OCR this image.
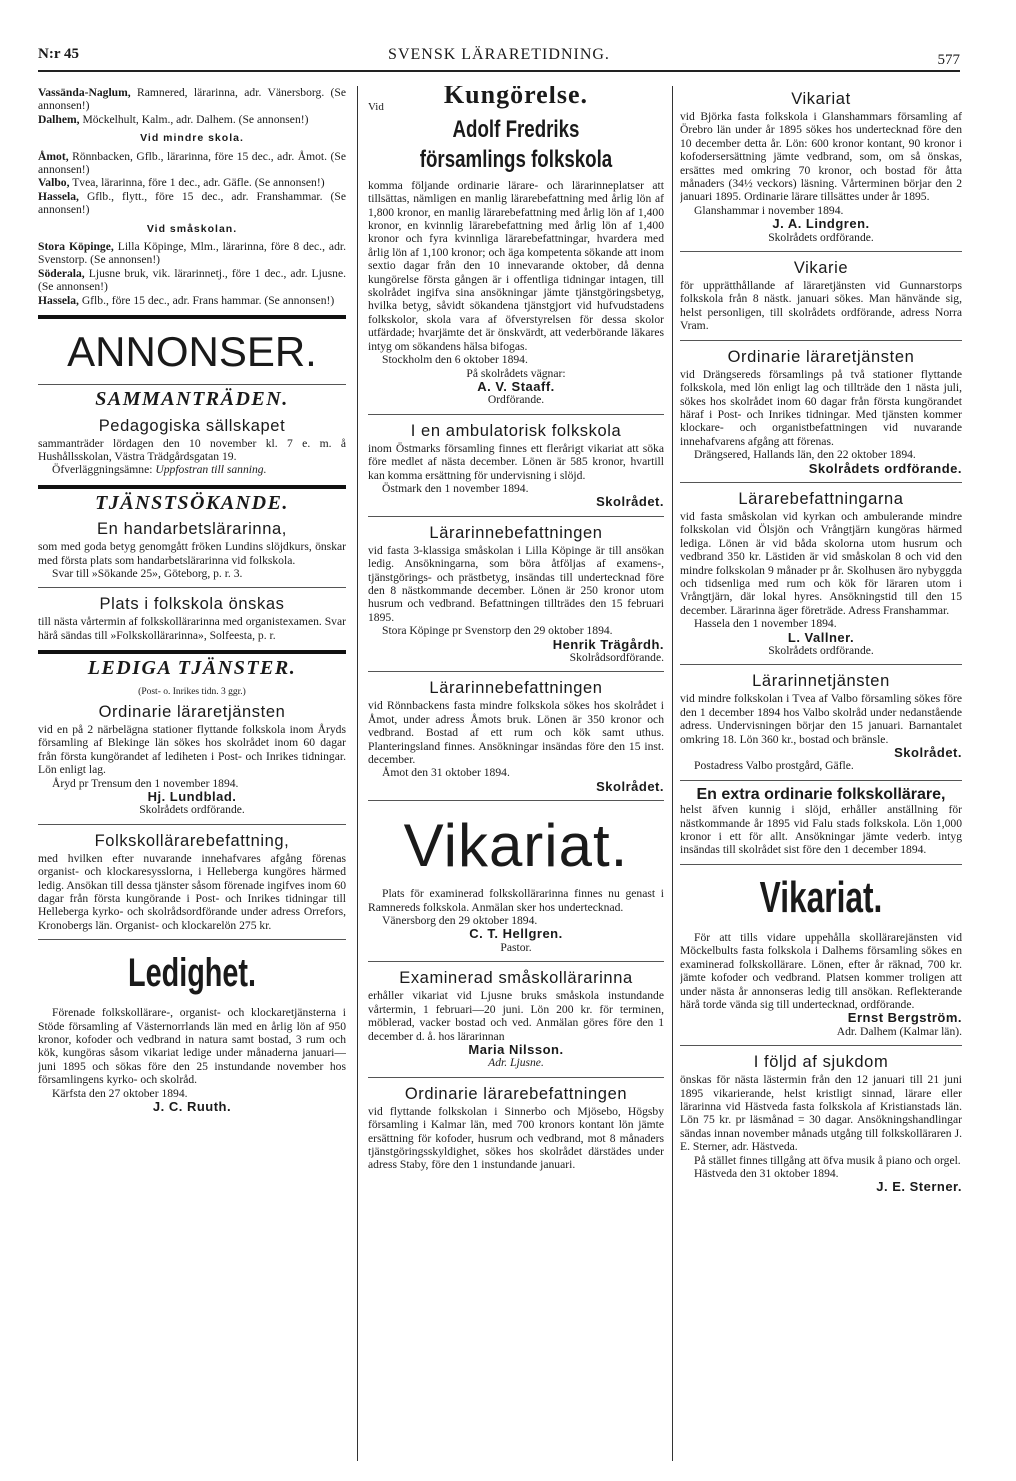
N:r 45	SVENSK LÄRARETIDNING.	577

Vassända-Naglum, Ramnered, lärarinna, adr. Vänersborg. (Se annonsen!)

Dalhem, Möckelhult, Kalm., adr. Dalhem. (Se annonsen!)

Vid mindre skola.

Åmot, Rönnbacken, Gflb., lärarinna, före 15 dec., adr. Åmot. (Se annonsen!)

Valbo, Tvea, lärarinna, före 1 dec., adr. Gäfle. (Se annonsen!)

Hassela, Gflb., flytt., före 15 dec., adr. Franshammar. (Se annonsen!)

Vid småskolan.

Stora Köpinge, Lilla Köpinge, Mlm., lärarinna, före 8 dec., adr. Svenstorp. (Se annonsen!)

Söderala, Ljusne bruk, vik. lärarinnetj., före 1 dec., adr. Ljusne. (Se annonsen!)

Hassela, Gflb., före 15 dec., adr. Frans hammar. (Se annonsen!)

ANNONSER.
SAMMANTRÄDEN.
Pedagogiska sällskapet

sammanträder lördagen den 10 november kl. 7 e. m. å Hushållsskolan, Västra Trädgårdsgatan 19.

Öfverläggningsämne: Uppfostran till sanning.

TJÄNSTSÖKANDE.
En handarbetslärarinna,

som med goda betyg genomgått fröken Lundins slöjdkurs, önskar med första plats som handarbetslärarinna vid folkskola.

Svar till »Sökande 25», Göteborg, p. r. 3.

Plats i folkskola önskas

till nästa vårtermin af folkskollärarinna med organistexamen. Svar härå sändas till »Folkskollärarinna», Solfeesta, p. r.

LEDIGA TJÄNSTER.
(Post- o. Inrikes tidn. 3 ggr.)
Ordinarie läraretjänsten

vid en på 2 närbelägna stationer flyttande folkskola inom Åryds församling af Blekinge län sökes hos skolrådet inom 60 dagar från första kungörandet af lediheten i Post- och Inrikes tidningar. Lön enligt lag.

Åryd pr Trensum den 1 november 1894.

Hj. Lundblad.
Skolrådets ordförande.
Folkskollärarebefattning,

med hvilken efter nuvarande innehafvares afgång förenas organist- och klockaresysslorna, i Helleberga kungöres härmed ledig. Ansökan till dessa tjänster såsom förenade ingifves inom 60 dagar från första kungörande i Post- och Inrikes tidningar till Helleberga kyrko- och skolrådsordförande under adress Orrefors, Kronobergs län. Organist- och klockarelön 275 kr.

Ledighet.

Förenade folkskollärare-, organist- och klockaretjänsterna i Stöde församling af Västernorrlands län med en årlig lön af 950 kronor, kofoder och vedbrand in natura samt bostad, 3 rum och kök, kungöras såsom vikariat ledige under månaderna januari—juni 1895 och sökas före den 25 instundande november hos församlingens kyrko- och skolråd.

Kärfsta den 27 oktober 1894.

J. C. Ruuth.
Kungörelse.
Vid
Adolf Fredriks församlings folkskola

komma följande ordinarie lärare- och lärarinneplatser att tillsättas, nämligen en manlig lärarebefattning med årlig lön af 1,800 kronor, en manlig lärarebefattning med årlig lön af 1,400 kronor, en kvinnlig lärarebefattning med årlig lön af 1,400 kronor och fyra kvinnliga lärarebefattningar, hvardera med årlig lön af 1,100 kronor; och äga kompetenta sökande att inom sextio dagar från den 10 innevarande oktober, då denna kungörelse första gången är i offentliga tidningar intagen, till skolrådet ingifva sina ansökningar jämte tjänstgöringsbetyg, hvilka betyg, såvidt sökandena tjänstgjort vid hufvudstadens folkskolor, skola vara af öfverstyrelsen för dessa skolor utfärdade; hvarjämte det är önskvärdt, att vederbörande läkares intyg om sökandens hälsa bifogas.

Stockholm den 6 oktober 1894.

På skolrådets vägnar:
A. V. Staaff.
Ordförande.
I en ambulatorisk folkskola

inom Östmarks församling finnes ett flerårigt vikariat att söka före medlet af nästa december. Lönen är 585 kronor, hvartill kan komma ersättning för undervisning i slöjd.

Östmark den 1 november 1894.

Skolrådet.
Lärarinnebefattningen

vid fasta 3-klassiga småskolan i Lilla Köpinge är till ansökan ledig. Ansökningarna, som böra åtföljas af examens-, tjänstgörings- och prästbetyg, insändas till undertecknad före den 8 nästkommande december. Lönen är 250 kronor utom husrum och vedbrand. Befattningen tillträdes den 15 februari 1895.

Stora Köpinge pr Svenstorp den 29 oktober 1894.

Henrik Trägårdh.
Skolrådsordförande.
Lärarinnebefattningen

vid Rönnbackens fasta mindre folkskola sökes hos skolrådet i Åmot, under adress Åmots bruk. Lönen är 350 kronor och vedbrand. Bostad af ett rum och kök samt uthus. Planteringsland finnes. Ansökningar insändas före den 15 inst. december.

Åmot den 31 oktober 1894.

Skolrådet.
Vikariat.

Plats för examinerad folkskollärarinna finnes nu genast i Ramnereds folkskola. Anmälan sker hos undertecknad.

Vänersborg den 29 oktober 1894.

C. T. Hellgren.
Pastor.
Examinerad småskollärarinna

erhåller vikariat vid Ljusne bruks småskola instundande vårtermin, 1 februari—20 juni. Lön 200 kr. för terminen, möblerad, vacker bostad och ved. Anmälan göres före den 1 december d. å. hos lärarinnan

Maria Nilsson.
Adr. Ljusne.
Ordinarie lärarebefattningen

vid flyttande folkskolan i Sinnerbo och Mjösebo, Högsby församling i Kalmar län, med 700 kronors kontant lön jämte ersättning för kofoder, husrum och vedbrand, mot 8 månaders tjänstgöringsskyldighet, sökes hos skolrådet därstädes under adress Staby, före den 1 instundande januari.

Vikariat

vid Björka fasta folkskola i Glanshammars församling af Örebro län under år 1895 sökes hos undertecknad före den 10 december detta år. Lön: 600 kronor kontant, 90 kronor i kofodersersättning jämte vedbrand, som, om så önskas, ersättes med omkring 70 kronor, och bostad för åtta månaders (34½ veckors) läsning. Vårterminen börjar den 2 januari 1895. Ordinarie lärare tillsättes under år 1895.

Glanshammar i november 1894.

J. A. Lindgren.
Skolrådets ordförande.
Vikarie

för upprätthållande af läraretjänsten vid Gunnarstorps folkskola från 8 nästk. januari sökes. Man hänvände sig, helst personligen, till skolrådets ordförande, adress Norra Vram.

Ordinarie läraretjänsten

vid Drängsereds församlings på två stationer flyttande folkskola, med lön enligt lag och tillträde den 1 nästa juli, sökes hos skolrådet inom 60 dagar från första kungörandet häraf i Post- och Inrikes tidningar. Med tjänsten kommer klockare- och organistbefattningen vid nuvarande innehafvarens afgång att förenas.

Drängsered, Hallands län, den 22 oktober 1894.

Skolrådets ordförande.
Lärarebefattningarna

vid fasta småskolan vid kyrkan och ambulerande mindre folkskolan vid Ölsjön och Vrångtjärn kungöras härmed lediga. Lönen är vid båda skolorna utom husrum och vedbrand 350 kr. Lästiden är vid småskolan 8 och vid den mindre folkskolan 9 månader pr år. Skolhusen äro nybyggda och tidsenliga med rum och kök för läraren utom i Vrångtjärn, där lokal hyres. Ansökningstid till den 15 december. Lärarinna äger företräde. Adress Franshammar.

Hassela den 1 november 1894.

L. Vallner.
Skolrådets ordförande.
Lärarinnetjänsten

vid mindre folkskolan i Tvea af Valbo församling sökes före den 1 december 1894 hos Valbo skolråd under nedanstående adress. Undervisningen börjar den 15 januari. Barnantalet omkring 18. Lön 360 kr., bostad och bränsle.

Skolrådet.

Postadress Valbo prostgård, Gäfle.

En extra ordinarie folkskollärare,

helst äfven kunnig i slöjd, erhåller anställning för nästkommande år 1895 vid Falu stads folkskola. Lön 1,000 kronor i ett för allt. Ansökningar jämte vederb. intyg insändas till skolrådet sist före den 1 december 1894.

Vikariat.

För att tills vidare uppehålla skollärarejänsten vid Möckelbults fasta folkskola i Dalhems församling sökes en examinerad folkskollärare. Lönen, efter år räknad, 700 kr. jämte kofoder och vedbrand. Platsen kommer troligen att under nästa år annonseras ledig till ansökan. Reflekterande härå torde vända sig till undertecknad, ordförande.

Ernst Bergström.
Adr. Dalhem (Kalmar län).
I följd af sjukdom

önskas för nästa lästermin från den 12 januari till 21 juni 1895 vikarierande, helst kristligt sinnad, lärare eller lärarinna vid Hästveda fasta folkskola af Kristianstads län. Lön 75 kr. pr läsmånad = 30 dagar. Ansökningshandlingar sändas innan november månads utgång till folkskolläraren J. E. Sterner, adr. Hästveda.

På stället finnes tillgång att öfva musik å piano och orgel.

Hästveda den 31 oktober 1894.

J. E. Sterner.
